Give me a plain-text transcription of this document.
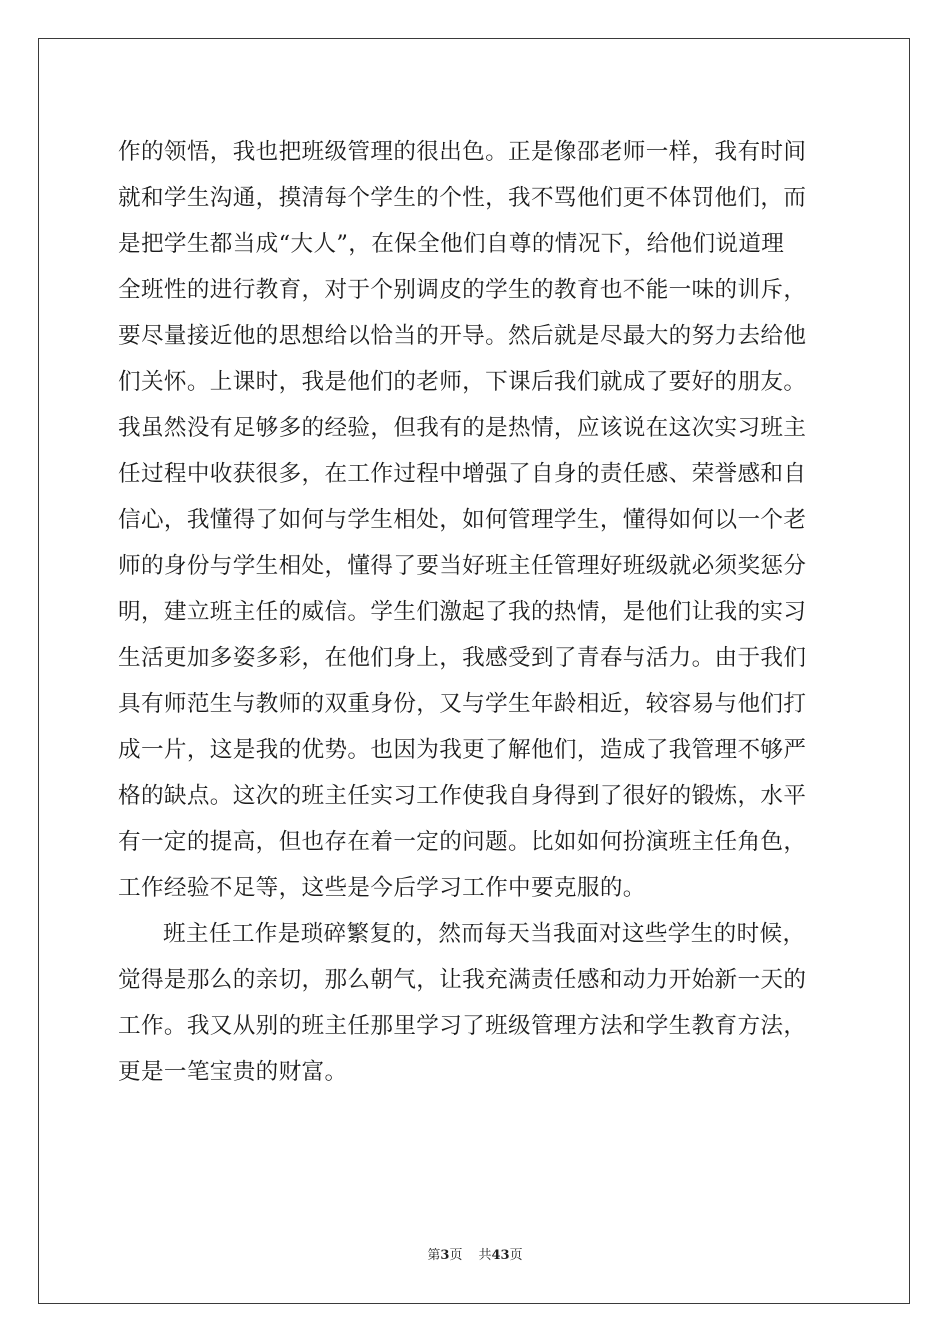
作的领悟，我也把班级管理的很出色。正是像邵老师一样，我有时间
就和学生沟通，摸清每个学生的个性，我不骂他们更不体罚他们，而
是把学生都当成“大人”，在保全他们自尊的情况下，给他们说道理
全班性的进行教育，对于个别调皮的学生的教育也不能一味的训斥，
要尽量接近他的思想给以恰当的开导。然后就是尽最大的努力去给他
们关怀。上课时，我是他们的老师，下课后我们就成了要好的朋友。
我虽然没有足够多的经验，但我有的是热情，应该说在这次实习班主
任过程中收获很多，在工作过程中增强了自身的责任感、荣誉感和自
信心，我懂得了如何与学生相处，如何管理学生，懂得如何以一个老
师的身份与学生相处，懂得了要当好班主任管理好班级就必须奖惩分
明，建立班主任的威信。学生们激起了我的热情，是他们让我的实习
生活更加多姿多彩，在他们身上，我感受到了青春与活力。由于我们
具有师范生与教师的双重身份，又与学生年龄相近，较容易与他们打
成一片，这是我的优势。也因为我更了解他们，造成了我管理不够严
格的缺点。这次的班主任实习工作使我自身得到了很好的锻炼，水平
有一定的提高，但也存在着一定的问题。比如如何扮演班主任角色，
工作经验不足等，这些是今后学习工作中要克服的。
班主任工作是琐碎繁复的，然而每天当我面对这些学生的时候，
觉得是那么的亲切，那么朝气，让我充满责任感和动力开始新一天的
工作。我又从别的班主任那里学习了班级管理方法和学生教育方法，
更是一笔宝贵的财富。
第3页 共43页
